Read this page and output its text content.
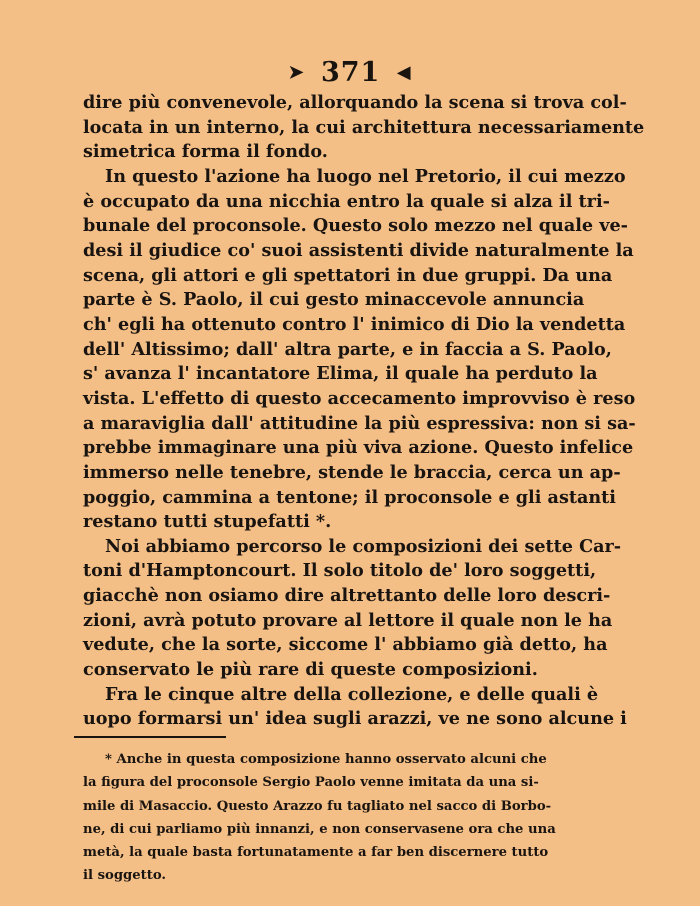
➤ 371 ◀
dire più convenevole, allorquando la scena si trova col-
locata in un interno, la cui architettura necessariamente
simetrica forma il fondo.
In questo l'azione ha luogo nel Pretorio, il cui mezzo
è occupato da una nicchia entro la quale si alza il tri-
bunale del proconsole. Questo solo mezzo nel quale ve-
desi il giudice co' suoi assistenti divide naturalmente la
scena, gli attori e gli spettatori in due gruppi. Da una
parte è S. Paolo, il cui gesto minaccevole annuncia
ch' egli ha ottenuto contro l' inimico di Dio la vendetta
dell' Altissimo; dall' altra parte, e in faccia a S. Paolo,
s' avanza l' incantatore Elima, il quale ha perduto la
vista. L'effetto di questo accecamento improvviso è reso
a maraviglia dall' attitudine la più espressiva: non si sa-
prebbe immaginare una più viva azione. Questo infelice
immerso nelle tenebre, stende le braccia, cerca un ap-
poggio, cammina a tentone; il proconsole e gli astanti
restano tutti stupefatti *.
Noi abbiamo percorso le composizioni dei sette Car-
toni d'Hamptoncourt. Il solo titolo de' loro soggetti,
giacchè non osiamo dire altrettanto delle loro descri-
zioni, avrà potuto provare al lettore il quale non le ha
vedute, che la sorte, siccome l' abbiamo già detto, ha
conservato le più rare di queste composizioni.
Fra le cinque altre della collezione, e delle quali è
uopo formarsi un' idea sugli arazzi, ve ne sono alcune i
* Anche in questa composizione hanno osservato alcuni che
la figura del proconsole Sergio Paolo venne imitata da una si-
mile di Masaccio. Questo Arazzo fu tagliato nel sacco di Borbo-
ne, di cui parliamo più innanzi, e non conservasene ora che una
metà, la quale basta fortunatamente a far ben discernere tutto
il soggetto.
